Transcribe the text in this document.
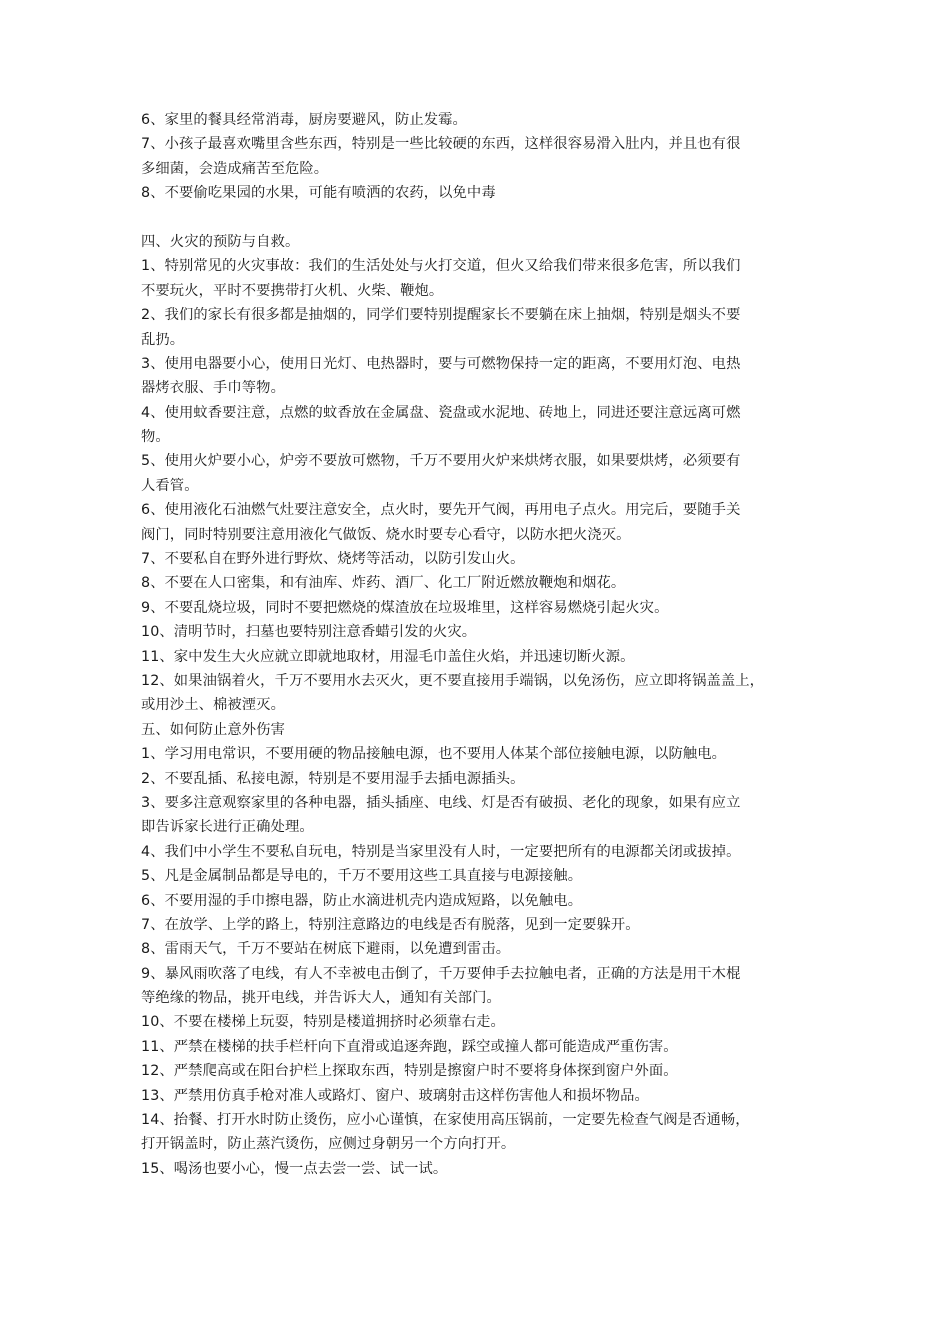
6、家里的餐具经常消毒，厨房要避风，防止发霉。
7、小孩子最喜欢嘴里含些东西，特别是一些比较硬的东西，这样很容易滑入肚内，并且也有很
多细菌，会造成痛苦至危险。
8、不要偷吃果园的水果，可能有喷洒的农药，以免中毒
四、火灾的预防与自救。
1、特别常见的火灾事故：我们的生活处处与火打交道，但火又给我们带来很多危害，所以我们
不要玩火，平时不要携带打火机、火柴、鞭炮。
2、我们的家长有很多都是抽烟的，同学们要特别提醒家长不要躺在床上抽烟，特别是烟头不要
乱扔。
3、使用电器要小心，使用日光灯、电热器时，要与可燃物保持一定的距离，不要用灯泡、电热
器烤衣服、手巾等物。
4、使用蚊香要注意，点燃的蚊香放在金属盘、瓷盘或水泥地、砖地上，同进还要注意远离可燃
物。
5、使用火炉要小心，炉旁不要放可燃物，千万不要用火炉来烘烤衣服，如果要烘烤，必须要有
人看管。
6、使用液化石油燃气灶要注意安全，点火时，要先开气阀，再用电子点火。用完后，要随手关
阀门，同时特别要注意用液化气做饭、烧水时要专心看守，以防水把火浇灭。
7、不要私自在野外进行野炊、烧烤等活动，以防引发山火。
8、不要在人口密集，和有油库、炸药、酒厂、化工厂附近燃放鞭炮和烟花。
9、不要乱烧垃圾，同时不要把燃烧的煤渣放在垃圾堆里，这样容易燃烧引起火灾。
10、清明节时，扫墓也要特别注意香蜡引发的火灾。
11、家中发生大火应就立即就地取材，用湿毛巾盖住火焰，并迅速切断火源。
12、如果油锅着火，千万不要用水去灭火，更不要直接用手端锅，以免汤伤，应立即将锅盖盖上，
或用沙土、棉被湮灭。
五、如何防止意外伤害
1、学习用电常识，不要用硬的物品接触电源，也不要用人体某个部位接触电源，以防触电。
2、不要乱插、私接电源，特别是不要用湿手去插电源插头。
3、要多注意观察家里的各种电器，插头插座、电线、灯是否有破损、老化的现象，如果有应立
即告诉家长进行正确处理。
4、我们中小学生不要私自玩电，特别是当家里没有人时，一定要把所有的电源都关闭或拔掉。
5、凡是金属制品都是导电的，千万不要用这些工具直接与电源接触。
6、不要用湿的手巾擦电器，防止水滴进机壳内造成短路，以免触电。
7、在放学、上学的路上，特别注意路边的电线是否有脱落，见到一定要躲开。
8、雷雨天气，千万不要站在树底下避雨，以免遭到雷击。
9、暴风雨吹落了电线，有人不幸被电击倒了，千万要伸手去拉触电者，正确的方法是用干木棍
等绝缘的物品，挑开电线，并告诉大人，通知有关部门。
10、不要在楼梯上玩耍，特别是楼道拥挤时必须靠右走。
11、严禁在楼梯的扶手栏杆向下直滑或追逐奔跑，踩空或撞人都可能造成严重伤害。
12、严禁爬高或在阳台护栏上探取东西，特别是擦窗户时不要将身体探到窗户外面。
13、严禁用仿真手枪对准人或路灯、窗户、玻璃射击这样伤害他人和损坏物品。
14、抬餐、打开水时防止烫伤，应小心谨慎，在家使用高压锅前，一定要先检查气阀是否通畅，
打开锅盖时，防止蒸汽烫伤，应侧过身朝另一个方向打开。
15、喝汤也要小心，慢一点去尝一尝、试一试。
